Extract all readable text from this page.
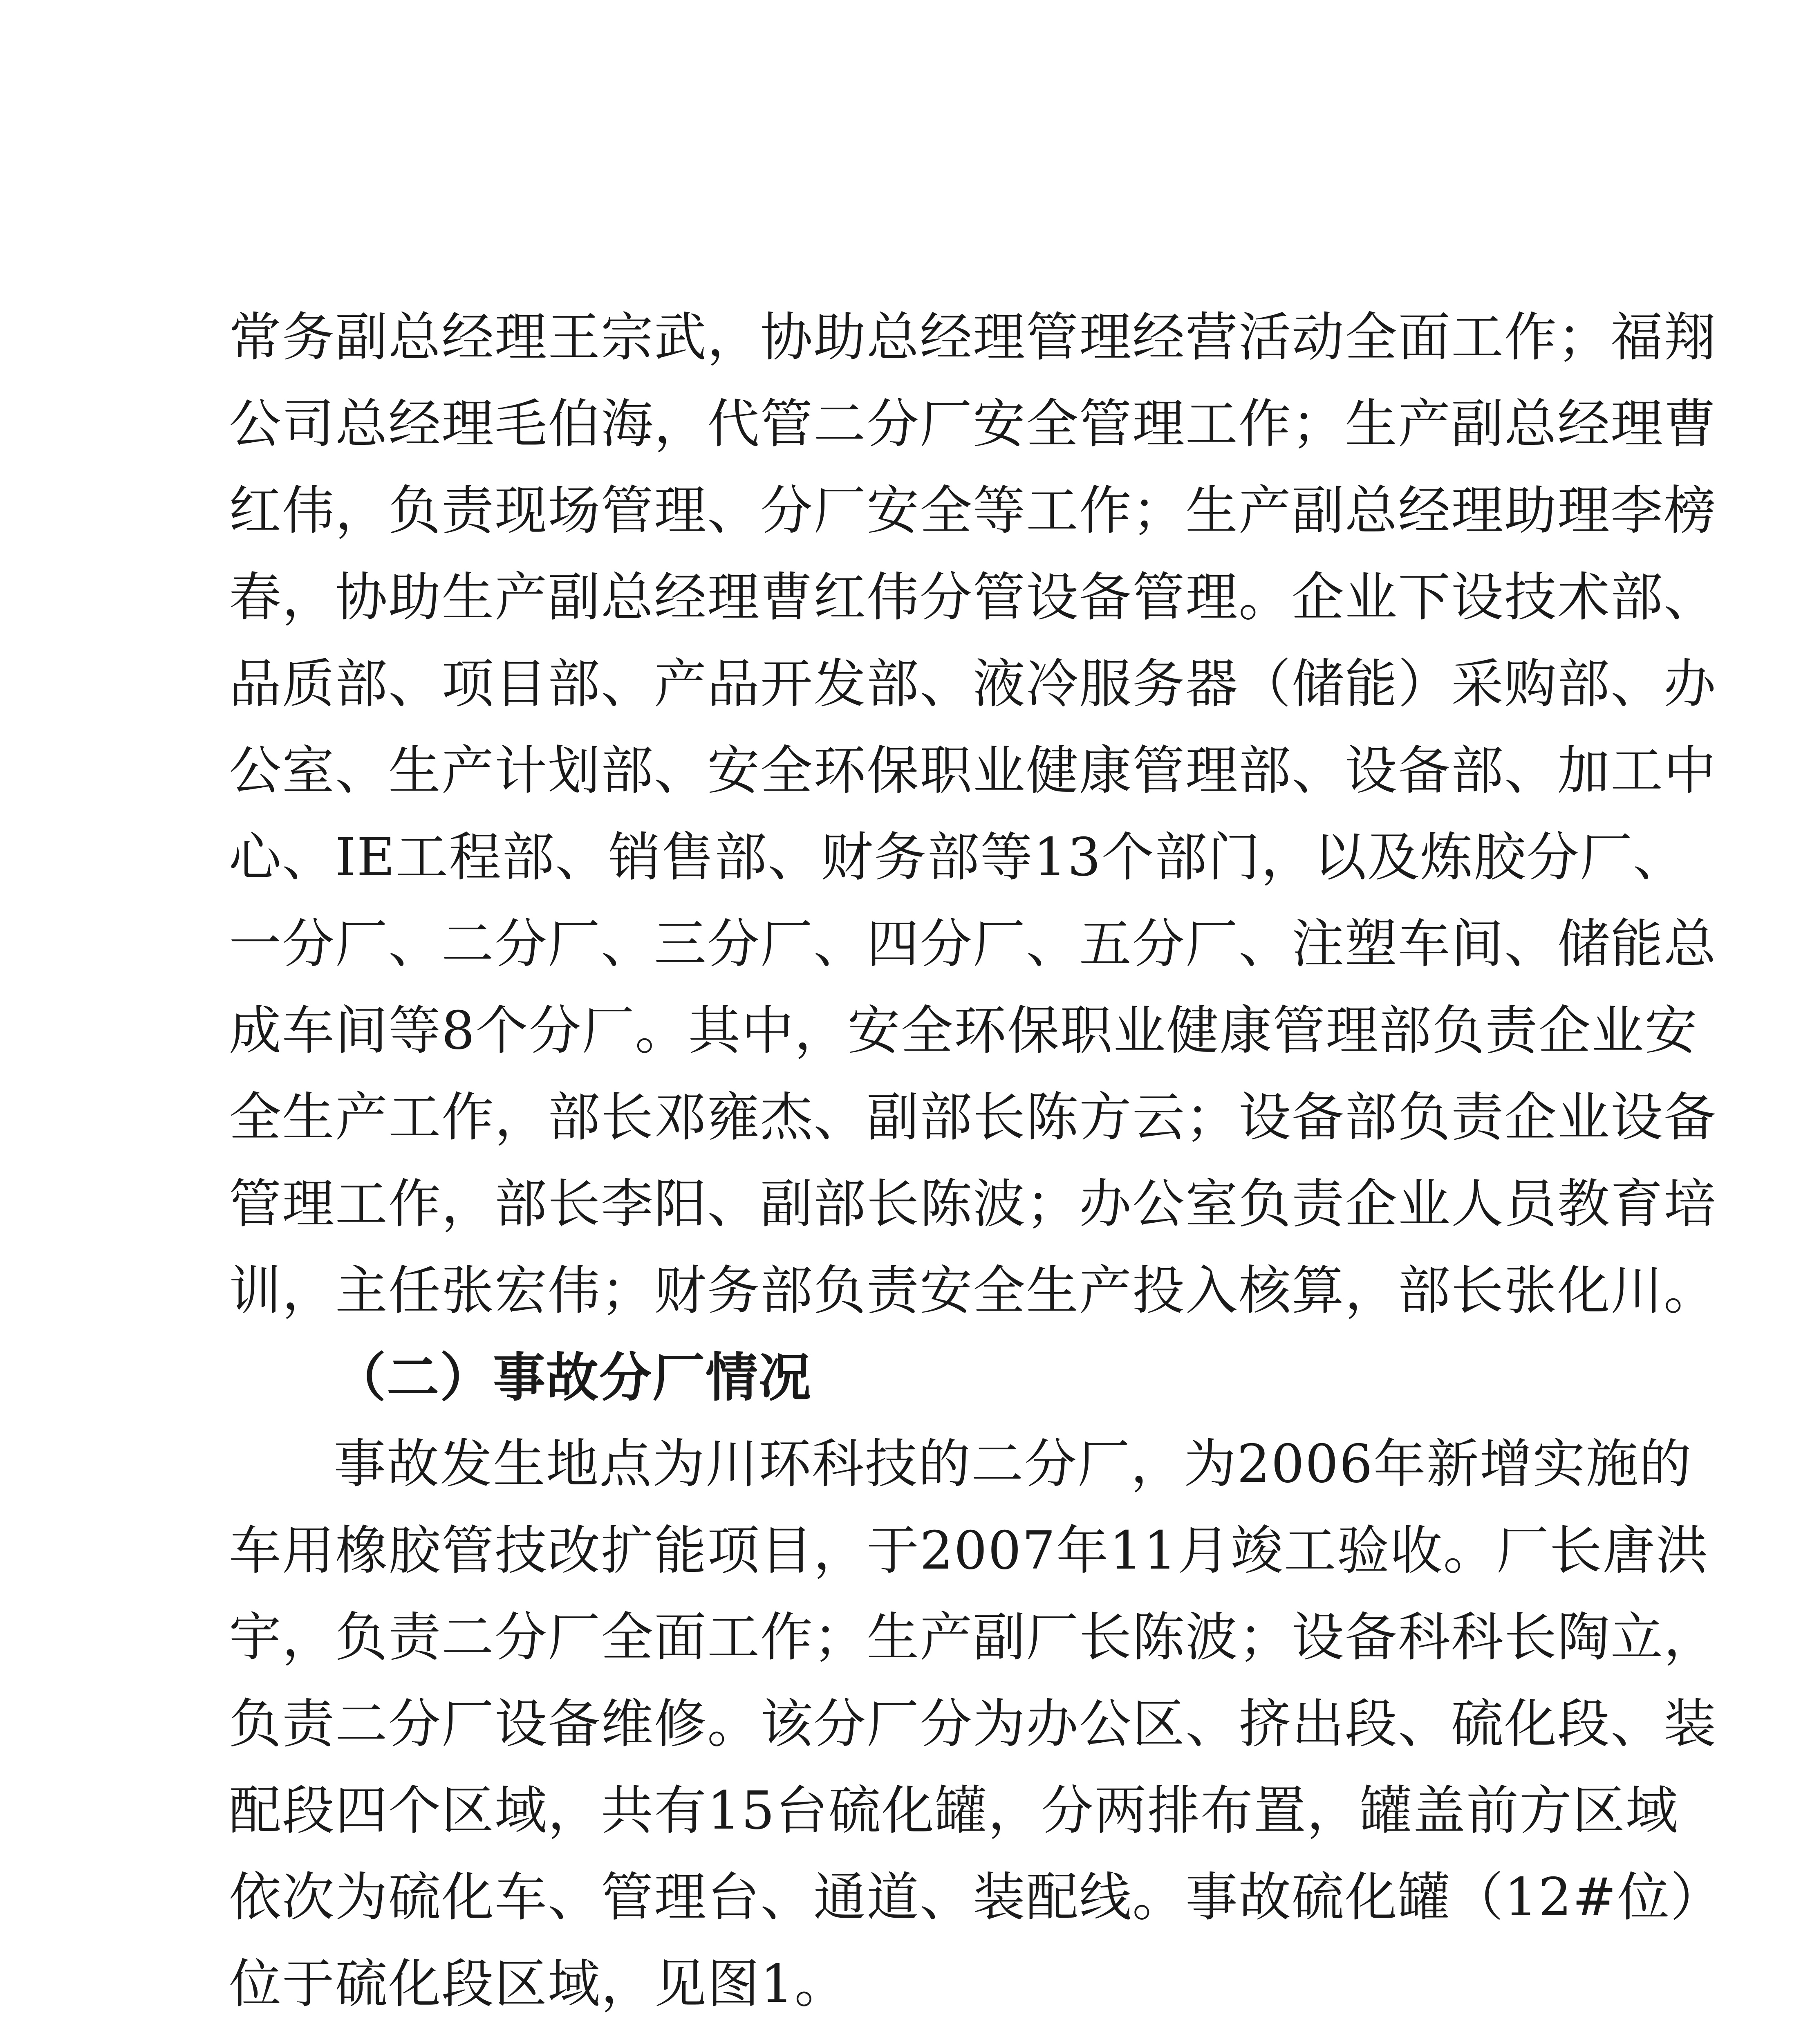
常务副总经理王宗武，协助总经理管理经营活动全面工作；福翔
公司总经理毛伯海，代管二分厂安全管理工作；生产副总经理曹
红伟，负责现场管理、分厂安全等工作；生产副总经理助理李榜
春，协助生产副总经理曹红伟分管设备管理。企业下设技术部、
品质部、项目部、产品开发部、液冷服务器（储能）采购部、办
公室、生产计划部、安全环保职业健康管理部、设备部、加工中
心、IE工程部、销售部、财务部等13个部门，以及炼胶分厂、
一分厂、二分厂、三分厂、四分厂、五分厂、注塑车间、储能总
成车间等8个分厂。其中，安全环保职业健康管理部负责企业安
全生产工作，部长邓雍杰、副部长陈方云；设备部负责企业设备
管理工作，部长李阳、副部长陈波；办公室负责企业人员教育培
训，主任张宏伟；财务部负责安全生产投入核算，部长张化川。
（二）事故分厂情况
事故发生地点为川环科技的二分厂，为2006年新增实施的
车用橡胶管技改扩能项目，于2007年11月竣工验收。厂长唐洪
宇，负责二分厂全面工作；生产副厂长陈波；设备科科长陶立，
负责二分厂设备维修。该分厂分为办公区、挤出段、硫化段、装
配段四个区域，共有15台硫化罐，分两排布置，罐盖前方区域
依次为硫化车、管理台、通道、装配线。事故硫化罐（12#位）
位于硫化段区域，见图1。
